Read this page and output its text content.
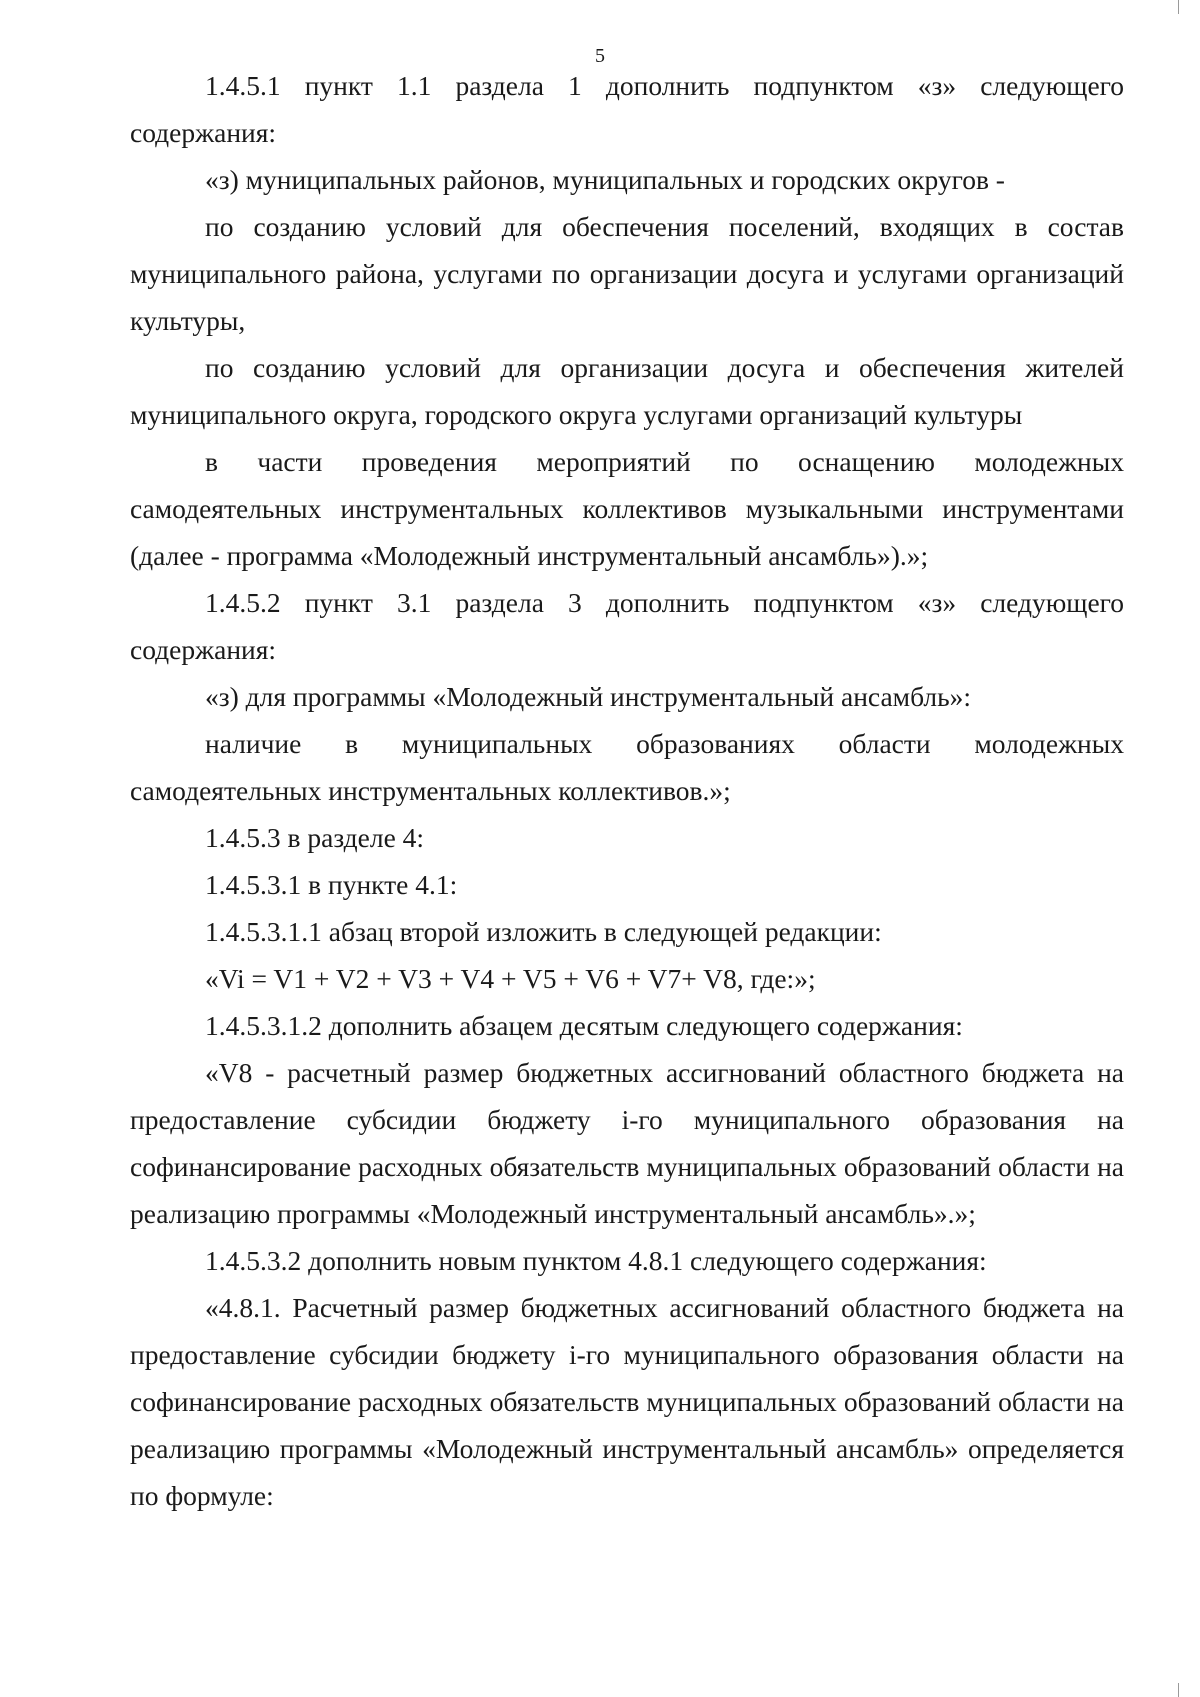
5

1.4.5.1 пункт 1.1 раздела 1 дополнить подпунктом «з» следующего содержания:

«з) муниципальных районов, муниципальных и городских округов -

по созданию условий для обеспечения поселений, входящих в состав муниципального района, услугами по организации досуга и услугами организаций культуры,

по созданию условий для организации досуга и обеспечения жителей муниципального округа, городского округа услугами организаций культуры

в части проведения мероприятий по оснащению молодежных самодеятельных инструментальных коллективов музыкальными инструментами (далее - программа «Молодежный инструментальный ансамбль»).»;

1.4.5.2 пункт 3.1 раздела 3 дополнить подпунктом «з» следующего содержания:

«з) для программы «Молодежный инструментальный ансамбль»:

наличие в муниципальных образованиях области молодежных самодеятельных инструментальных коллективов.»;

1.4.5.3 в разделе 4:

1.4.5.3.1 в пункте 4.1:

1.4.5.3.1.1 абзац второй изложить в следующей редакции:

«Vi = V1 + V2 + V3 + V4 + V5 + V6 + V7+ V8, где:»;

1.4.5.3.1.2 дополнить абзацем десятым следующего содержания:

«V8 - расчетный размер бюджетных ассигнований областного бюджета на предоставление субсидии бюджету i-го муниципального образования на софинансирование расходных обязательств муниципальных образований области на реализацию программы «Молодежный инструментальный ансамбль».»;

1.4.5.3.2 дополнить новым пунктом 4.8.1 следующего содержания:

«4.8.1. Расчетный размер бюджетных ассигнований областного бюджета на предоставление субсидии бюджету i-го муниципального образования области на софинансирование расходных обязательств муниципальных образований области на реализацию программы «Молодежный инструментальный ансамбль» определяется по формуле:
